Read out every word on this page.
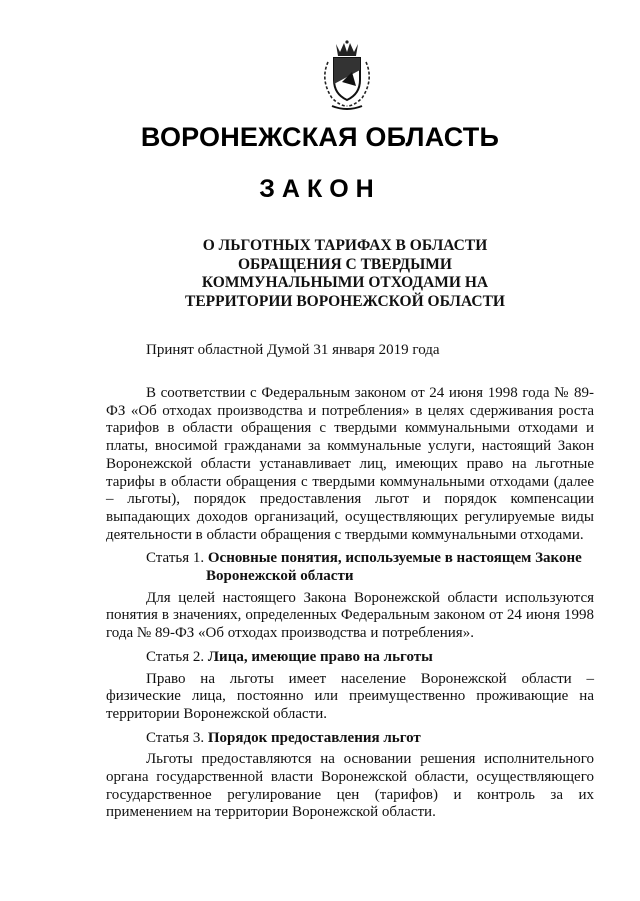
ВОРОНЕЖСКАЯ ОБЛАСТЬ
ЗАКОН
О ЛЬГОТНЫХ ТАРИФАХ В ОБЛАСТИ
ОБРАЩЕНИЯ С ТВЕРДЫМИ
КОММУНАЛЬНЫМИ ОТХОДАМИ НА
ТЕРРИТОРИИ ВОРОНЕЖСКОЙ ОБЛАСТИ
Принят областной Думой 31 января 2019 года

В соответствии с Федеральным законом от 24 июня 1998 года № 89-ФЗ «Об отходах производства и потребления» в целях сдерживания роста тарифов в области обращения с твердыми коммунальными отходами и платы, вносимой гражданами за коммунальные услуги, настоящий Закон Воронежской области устанавливает лиц, имеющих право на льготные тарифы в области обращения с твердыми коммунальными отходами (далее – льготы), порядок предоставления льгот и порядок компенсации выпадающих доходов организаций, осуществляющих регулируемые виды деятельности в области обращения с твердыми коммунальными отходами.

Статья 1. Основные понятия, используемые в настоящем Законе
Воронежской области

Для целей настоящего Закона Воронежской области используются понятия в значениях, определенных Федеральным законом от 24 июня 1998 года № 89-ФЗ «Об отходах производства и потребления».

Статья 2. Лица, имеющие право на льготы

Право на льготы имеет население Воронежской области – физические лица, постоянно или преимущественно проживающие на территории Воронежской области.

Статья 3. Порядок предоставления льгот

Льготы предоставляются на основании решения исполнительного органа государственной власти Воронежской области, осуществляющего государственное регулирование цен (тарифов) и контроль за их применением на территории Воронежской области.
